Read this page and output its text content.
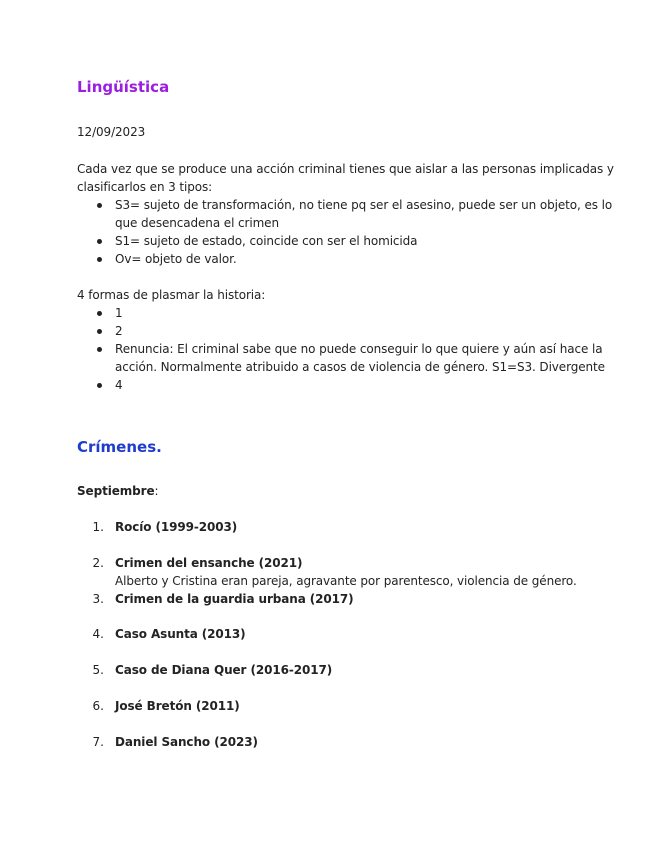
Lingüística
12/09/2023
Cada vez que se produce una acción criminal tienes que aislar a las personas implicadas y
clasificarlos en 3 tipos:
S3= sujeto de transformación, no tiene pq ser el asesino, puede ser un objeto, es lo
que desencadena el crimen
S1= sujeto de estado, coincide con ser el homicida
Ov= objeto de valor.
4 formas de plasmar la historia:
1
2
Renuncia: El criminal sabe que no puede conseguir lo que quiere y aún así hace la
acción. Normalmente atribuido a casos de violencia de género. S1=S3. Divergente
4
Crímenes.
Septiembre:
1. Rocío (1999-2003)
2. Crimen del ensanche (2021)
Alberto y Cristina eran pareja, agravante por parentesco, violencia de género.
3. Crimen de la guardia urbana (2017)
4. Caso Asunta (2013)
5. Caso de Diana Quer (2016-2017)
6. José Bretón (2011)
7. Daniel Sancho (2023)
